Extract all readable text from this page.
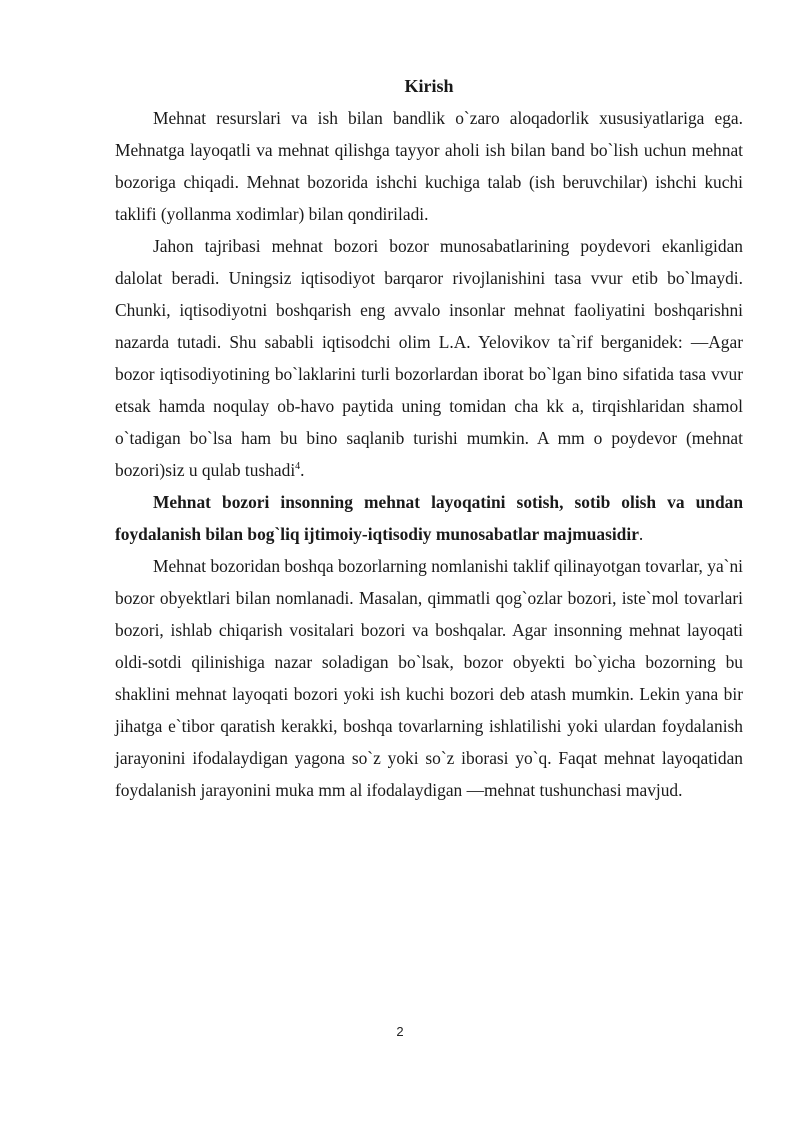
Kirish

Mehnat resurslari va ish bilan bandlik o`zaro aloqadorlik xususiyatlariga ega. Mehnatga layoqatli va mehnat qilishga tayyor aholi ish bilan band bo`lish uchun mehnat bozoriga chiqadi. Mehnat bozorida ishchi kuchiga talab (ish beruvchilar) ishchi kuchi taklifi (yollanma xodimlar) bilan qondiriladi.

Jahon tajribasi mehnat bozori bozor munosabatlarining poydevori ekanligidan dalolat beradi. Uningsiz iqtisodiyot barqaror rivojlanishini tasa vvur etib bo`lmaydi. Chunki, iqtisodiyotni boshqarish eng avvalo insonlar mehnat faoliyatini boshqarishni nazarda tutadi. Shu sababli iqtisodchi olim L.A. Yelovikov ta`rif berganidek: ―Agar bozor iqtisodiyotining bo`laklarini turli bozorlardan iborat bo`lgan bino sifatida tasa vvur etsak hamda noqulay ob-havo paytida uning tomidan cha kk a, tirqishlaridan shamol o`tadigan bo`lsa ham bu bino saqlanib turishi mumkin. A mm o poydevor (mehnat bozori)siz u qulab tushadi$^4$.

Mehnat bozori insonning mehnat layoqatini sotish, sotib olish va undan foydalanish bilan bog`liq ijtimoiy-iqtisodiy munosabatlar majmuasidir.

Mehnat bozoridan boshqa bozorlarning nomlanishi taklif qilinayotgan tovarlar, ya`ni bozor obyektlari bilan nomlanadi. Masalan, qimmatli qog`ozlar bozori, iste`mol tovarlari bozori, ishlab chiqarish vositalari bozori va boshqalar. Agar insonning mehnat layoqati oldi-sotdi qilinishiga nazar soladigan bo`lsak, bozor obyekti bo`yicha bozorning bu shaklini mehnat layoqati bozori yoki ish kuchi bozori deb atash mumkin. Lekin yana bir jihatga e`tibor qaratish kerakki, boshqa tovarlarning ishlatilishi yoki ulardan foydalanish jarayonini ifodalaydigan yagona so`z yoki so`z iborasi yo`q. Faqat mehnat layoqatidan foydalanish jarayonini muka mm al ifodalaydigan ―mehnat tushunchasi mavjud.

2
